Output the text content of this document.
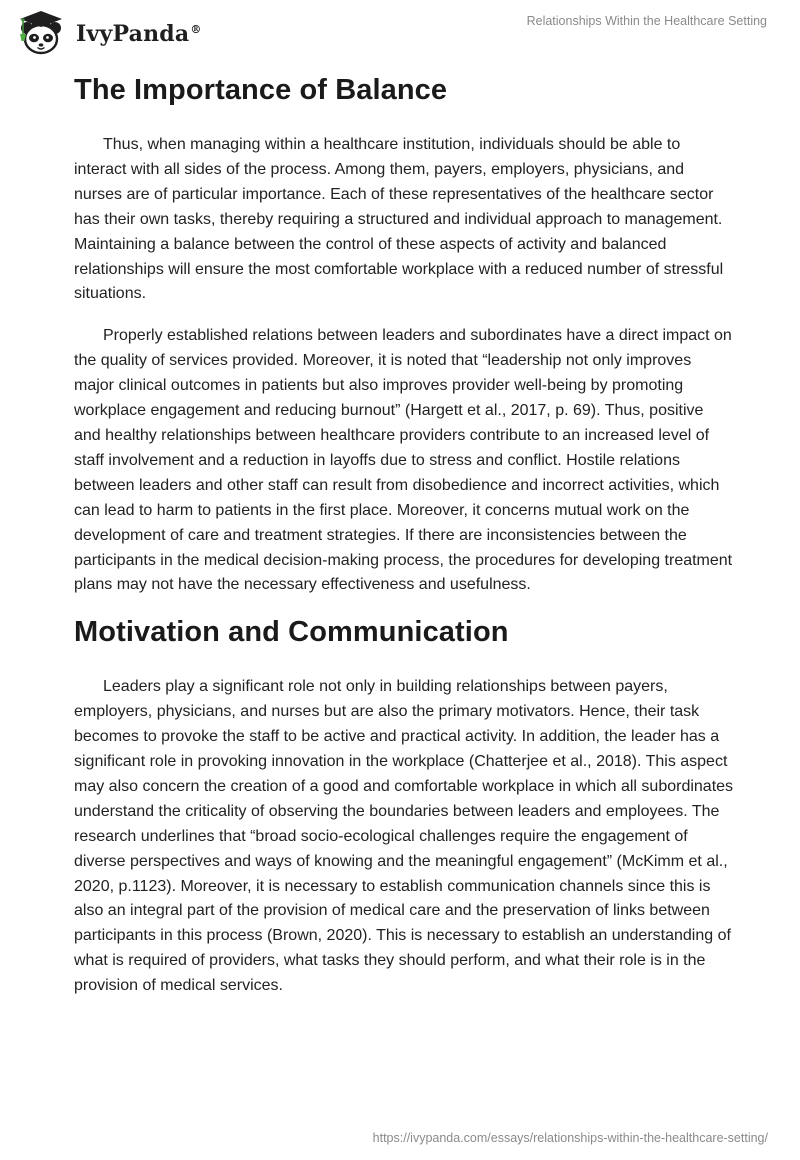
IvyPanda®
Relationships Within the Healthcare Setting
The Importance of Balance

Thus, when managing within a healthcare institution, individuals should be able to interact with all sides of the process. Among them, payers, employers, physicians, and nurses are of particular importance. Each of these representatives of the healthcare sector has their own tasks, thereby requiring a structured and individual approach to management. Maintaining a balance between the control of these aspects of activity and balanced relationships will ensure the most comfortable workplace with a reduced number of stressful situations.

Properly established relations between leaders and subordinates have a direct impact on the quality of services provided. Moreover, it is noted that “leadership not only improves major clinical outcomes in patients but also improves provider well-being by promoting workplace engagement and reducing burnout” (Hargett et al., 2017, p. 69). Thus, positive and healthy relationships between healthcare providers contribute to an increased level of staff involvement and a reduction in layoffs due to stress and conflict. Hostile relations between leaders and other staff can result from disobedience and incorrect activities, which can lead to harm to patients in the first place. Moreover, it concerns mutual work on the development of care and treatment strategies. If there are inconsistencies between the participants in the medical decision-making process, the procedures for developing treatment plans may not have the necessary effectiveness and usefulness.

Motivation and Communication

Leaders play a significant role not only in building relationships between payers, employers, physicians, and nurses but are also the primary motivators. Hence, their task becomes to provoke the staff to be active and practical activity. In addition, the leader has a significant role in provoking innovation in the workplace (Chatterjee et al., 2018). This aspect may also concern the creation of a good and comfortable workplace in which all subordinates understand the criticality of observing the boundaries between leaders and employees. The research underlines that “broad socio-ecological challenges require the engagement of diverse perspectives and ways of knowing and the meaningful engagement” (McKimm et al., 2020, p.1123). Moreover, it is necessary to establish communication channels since this is also an integral part of the provision of medical care and the preservation of links between participants in this process (Brown, 2020). This is necessary to establish an understanding of what is required of providers, what tasks they should perform, and what their role is in the provision of medical services.

https://ivypanda.com/essays/relationships-within-the-healthcare-setting/
